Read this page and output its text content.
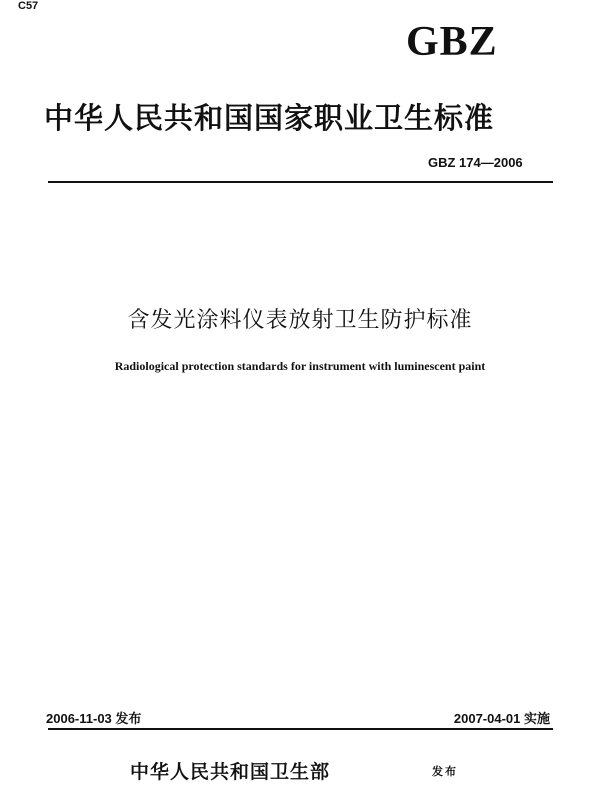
C57
GBZ
中华人民共和国国家职业卫生标准
GBZ 174—2006
含发光涂料仪表放射卫生防护标准
Radiological protection standards for instrument with luminescent paint
2006-11-03 发布	2007-04-01 实施
中华人民共和国卫生部	发布
